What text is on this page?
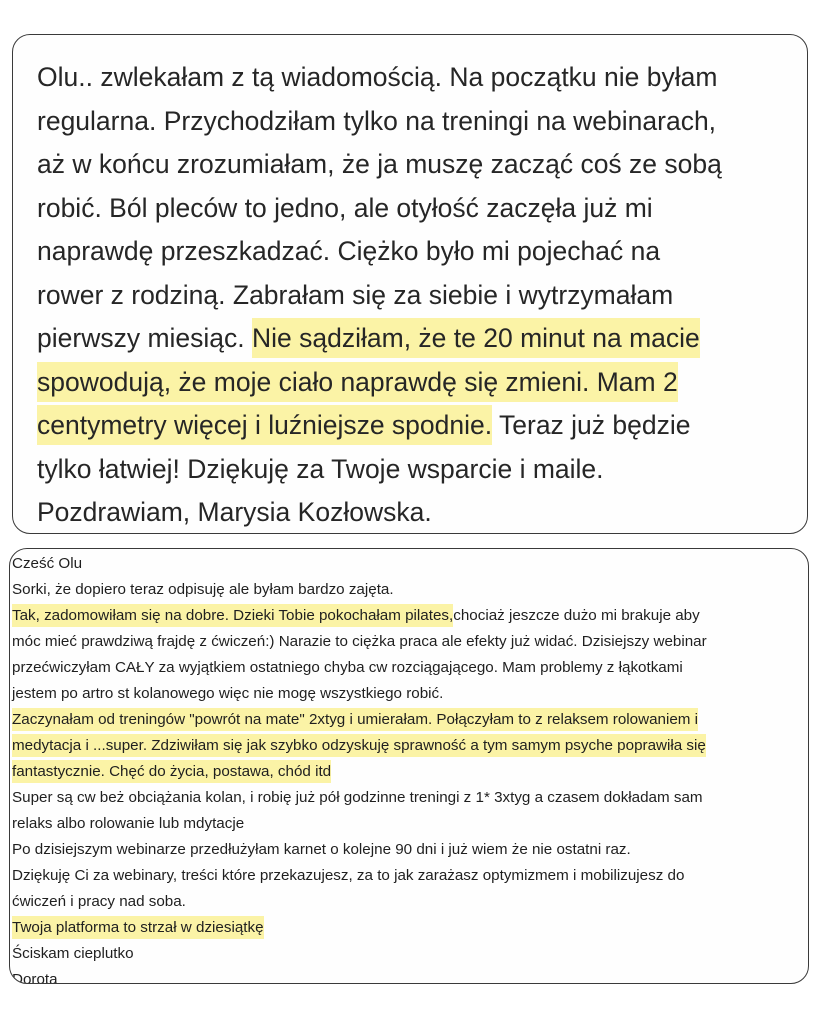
Olu.. zwlekałam z tą wiadomością. Na początku nie byłam
regularna. Przychodziłam tylko na treningi na webinarach,
aż w końcu zrozumiałam, że ja muszę zacząć coś ze sobą
robić. Ból pleców to jedno, ale otyłość zaczęła już mi
naprawdę przeszkadzać. Ciężko było mi pojechać na
rower z rodziną. Zabrałam się za siebie i wytrzymałam
pierwszy miesiąc. Nie sądziłam, że te 20 minut na macie
spowodują, że moje ciało naprawdę się zmieni. Mam 2
centymetry więcej i luźniejsze spodnie. Teraz już będzie
tylko łatwiej! Dziękuję za Twoje wsparcie i maile.
Pozdrawiam, Marysia Kozłowska.
Cześć Olu
Sorki, że dopiero teraz odpisuję ale byłam bardzo zajęta.
Tak, zadomowiłam się na dobre. Dzieki Tobie pokochałam pilates,chociaż jeszcze dużo mi brakuje aby
móc mieć prawdziwą frajdę z ćwiczeń:) Narazie to ciężka praca ale efekty już widać. Dzisiejszy webinar
przećwiczyłam CAŁY za wyjątkiem ostatniego chyba cw rozciągającego. Mam problemy z łąkotkami
jestem po artro st kolanowego więc nie mogę wszystkiego robić.
Zaczynałam od treningów "powrót na mate" 2xtyg i umierałam. Połączyłam to z relaksem rolowaniem i
medytacja i ...super. Zdziwiłam się jak szybko odzyskuję sprawność a tym samym psyche poprawiła się
fantastycznie. Chęć do życia, postawa, chód itd
Super są cw beż obciążania kolan, i robię już pół godzinne treningi z 1* 3xtyg a czasem dokładam sam
relaks albo rolowanie lub mdytacje
Po dzisiejszym webinarze przedłużyłam karnet o kolejne 90 dni i już wiem że nie ostatni raz.
Dziękuję Ci za webinary, treści które przekazujesz, za to jak zarażasz optymizmem i mobilizujesz do
ćwiczeń i pracy nad soba.
Twoja platforma to strzał w dziesiątkę
Ściskam cieplutko
Dorota
